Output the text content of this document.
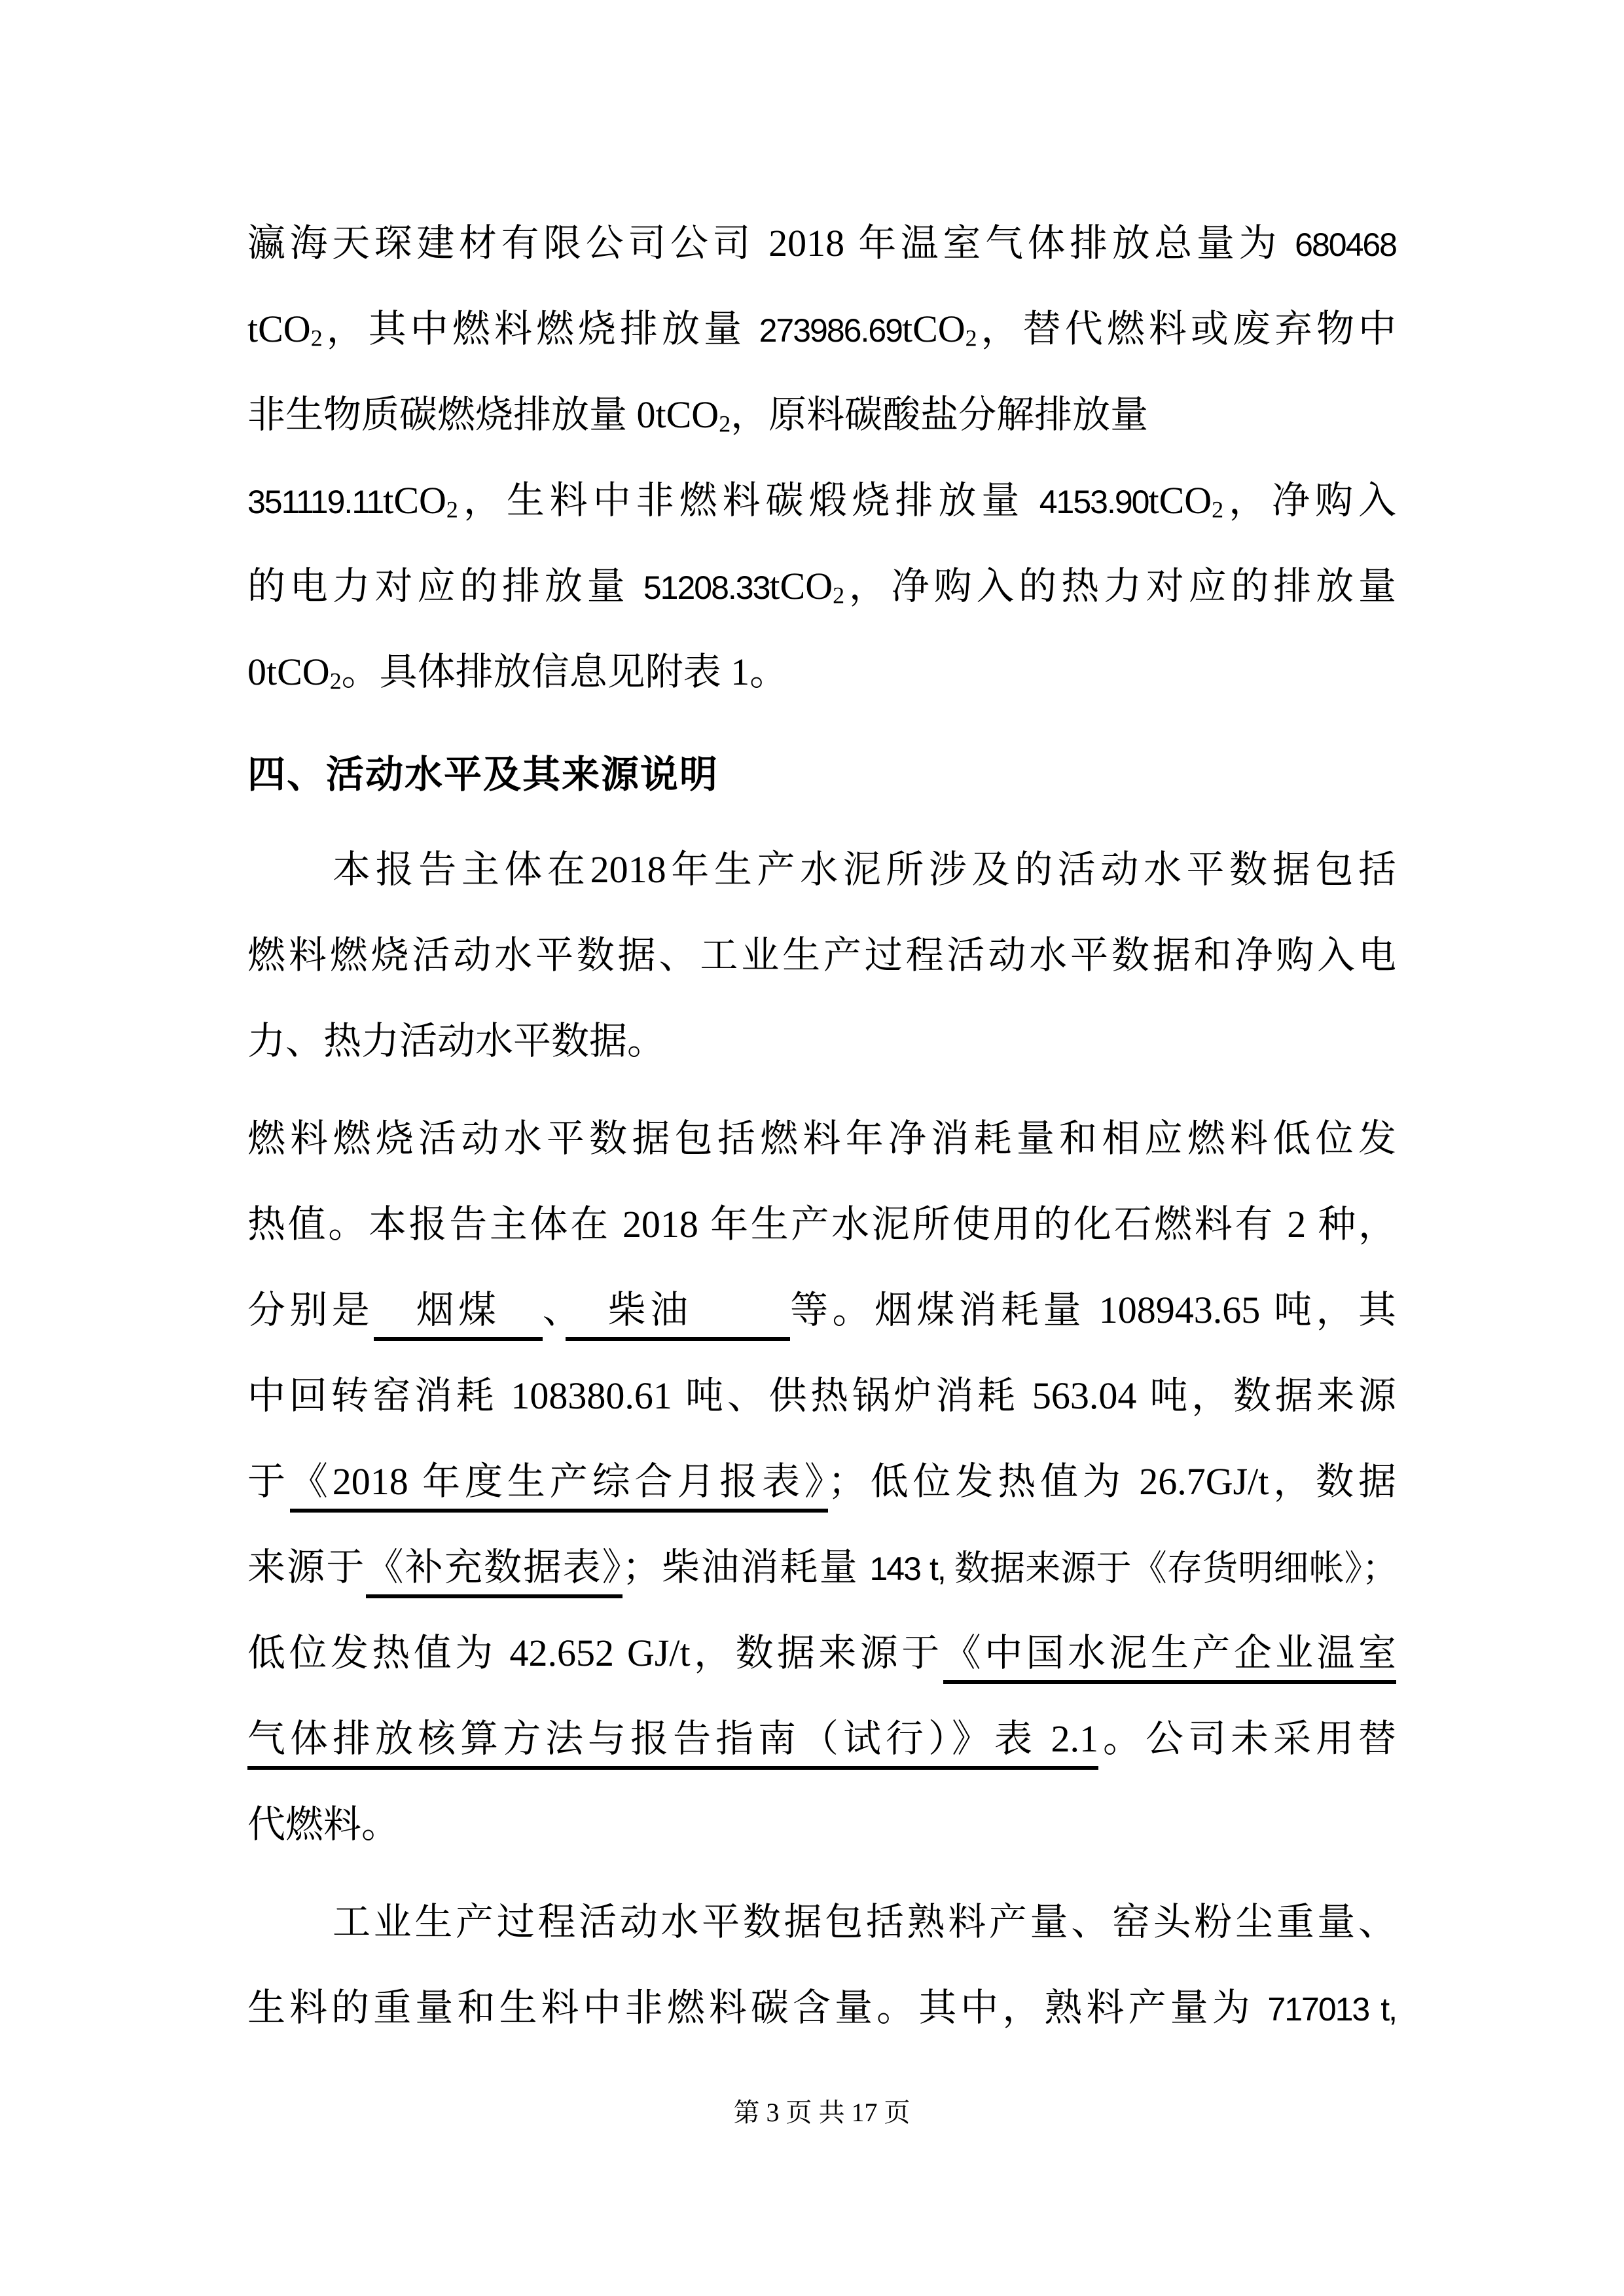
瀛海天琛建材有限公司公司 2018 年温室气体排放总量为 680468
tCO2，其中燃料燃烧排放量 273986.69tCO2，替代燃料或废弃物中
非生物质碳燃烧排放量 0tCO2，原料碳酸盐分解排放量
351119.11tCO2，生料中非燃料碳煅烧排放量 4153.90tCO2，净购入
的电力对应的排放量 51208.33tCO2，净购入的热力对应的排放量
0tCO2。具体排放信息见附表 1。
四、活动水平及其来源说明
本报告主体在2018年生产水泥所涉及的活动水平数据包括
燃料燃烧活动水平数据、工业生产过程活动水平数据和净购入电
力、热力活动水平数据。
燃料燃烧活动水平数据包括燃料年净消耗量和相应燃料低位发
热值。本报告主体在 2018 年生产水泥所使用的化石燃料有 2 种，
分别是　烟煤　、　柴油　　 等。烟煤消耗量 108943.65 吨，其
中回转窑消耗 108380.61 吨、供热锅炉消耗 563.04 吨，数据来源
于《2018 年度生产综合月报表》；低位发热值为 26.7GJ/t，数据
来源于《补充数据表》；柴油消耗量 143 t, 数据来源于《存货明细帐》；
低位发热值为 42.652 GJ/t，数据来源于《中国水泥生产企业温室
气体排放核算方法与报告指南（试行）》表 2.1。公司未采用替
代燃料。
工业生产过程活动水平数据包括熟料产量、窑头粉尘重量、
生料的重量和生料中非燃料碳含量。其中，熟料产量为 717013 t,
第 3 页 共 17 页
